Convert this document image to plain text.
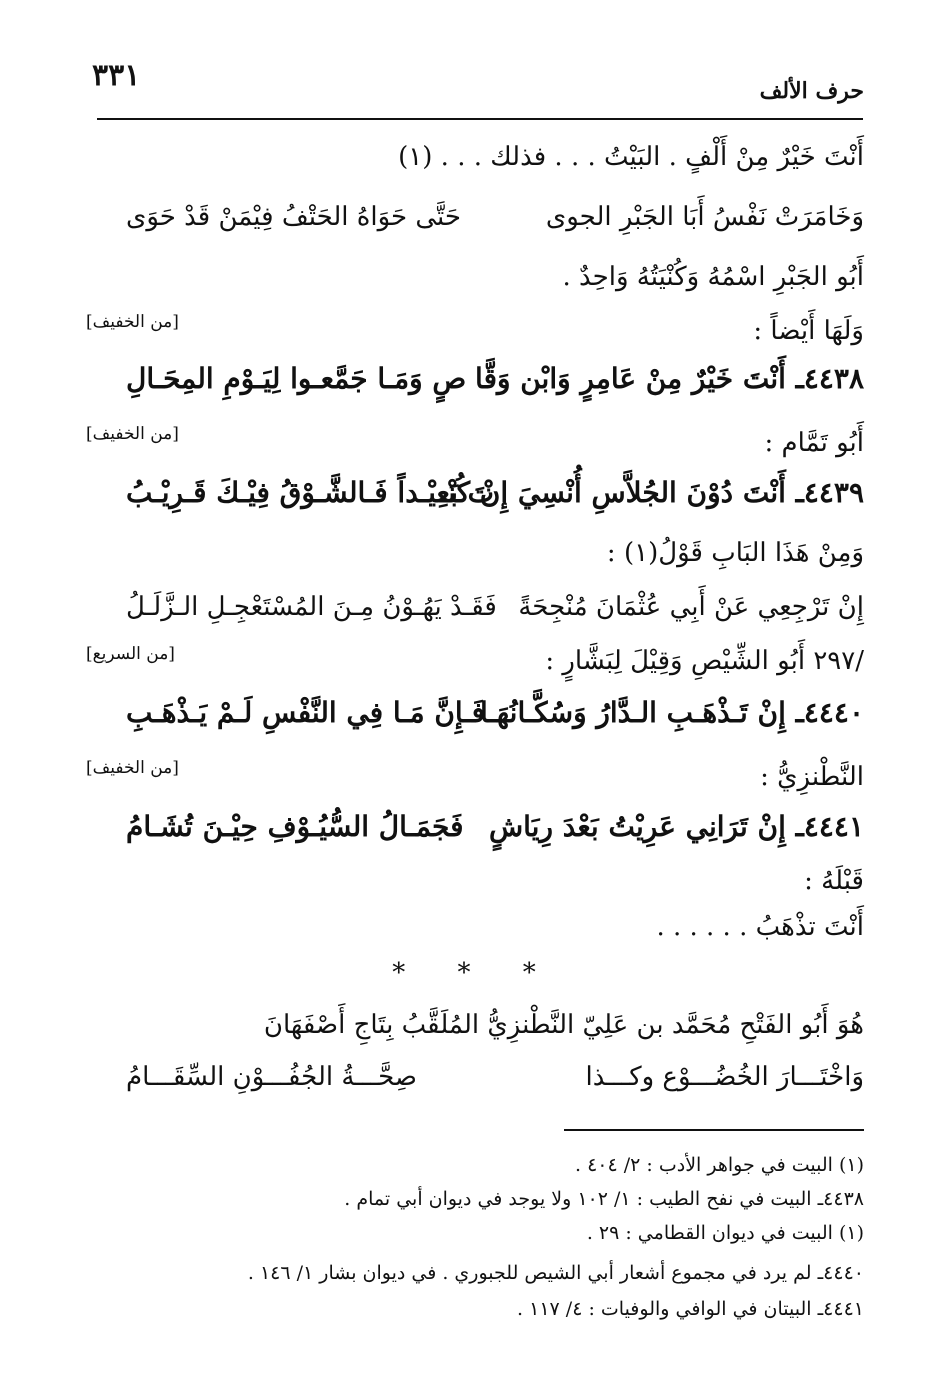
حرف الألف
٣٣١
أَنْتَ خَيْرٌ مِنْ أَلْفٍ . البَيْتُ . . . فذلك . . . (١)
وَخَامَرَتْ نَفْسُ أَبَا الجَبْرِ الجوى
حَتَّى حَوَاهُ الحَتْفُ فِيْمَنْ قَدْ حَوَى
أَبُو الجَبْرِ اسْمُهُ وَكُنْيَتُهُ وَاحِدٌ .
وَلَهَا أَيْضاً :
[من الخفيف]
٤٤٣٨ـ أَنْتَ خَيْرٌ مِنْ عَامِرٍ وَابْن وَقَّا
صٍ وَمَـا جَمَّعـوا لِيَـوْمِ المِحَـالِ
أَبُو تَمَّام :
[من الخفيف]
٤٤٣٩ـ أَنْتَ دُوْنَ الجُلاَّسِ أُنْسِيَ إِنْ كُنْـ
تَ بَعِيْـداً فَـالشَّـوْقُ فِيْـكَ قَـرِيْـبُ
وَمِنْ هَذَا البَابِ قَوْلُ(١) :
إِنْ تَرْجِعِي عَنْ أَبِي عُثْمَانَ مُنْجِحَةً
فَقَـدْ يَهُـوْنُ مِـنَ المُسْتَعْجِـلِ الـزَّلَـلُ
/٢٩٧ أَبُو الشِّيْصِ وَقِيْلَ لِبَشَّارٍ :
[من السريع]
٤٤٤٠ـ إِنْ تَـذْهَـبِ الـدَّارُ وَسُكَّـانُهَـا
فَـإِنَّ مَـا فِي النَّفْسِ لَـمْ يَـذْهَـبِ
النَّطْنزِيُّ :
[من الخفيف]
٤٤٤١ـ إِنْ تَرَانِي عَرِيْتُ بَعْدَ رِيَاشٍ
فَجَمَـالُ السُّيُـوْفِ حِيْـنَ تُشَـامُ
قَبْلَهُ :
أَنْتَ تذْهَبُ . . . . . .
* * *
هُوَ أَبُو الفَتْحِ مُحَمَّد بن عَلِيّ النَّطْنزِيُّ المُلَقَّبُ بِتَاجِ أَصْفَهَانَ
وَاخْتَـــارَ الخُضُـــوْع وكـــذا
صِحَّـــةُ الجُفُـــوْنِ السِّقَـــامُ
(١) البيت في جواهر الأدب : ٢/ ٤٠٤ .
٤٤٣٨ـ البيت في نفح الطيب : ١/ ١٠٢ ولا يوجد في ديوان أبي تمام .
(١) البيت في ديوان القطامي : ٢٩ .
٤٤٤٠ـ لم يرد في مجموع أشعار أبي الشيص للجبوري . في ديوان بشار ١/ ١٤٦ .
٤٤٤١ـ البيتان في الوافي والوفيات : ٤/ ١١٧ .
